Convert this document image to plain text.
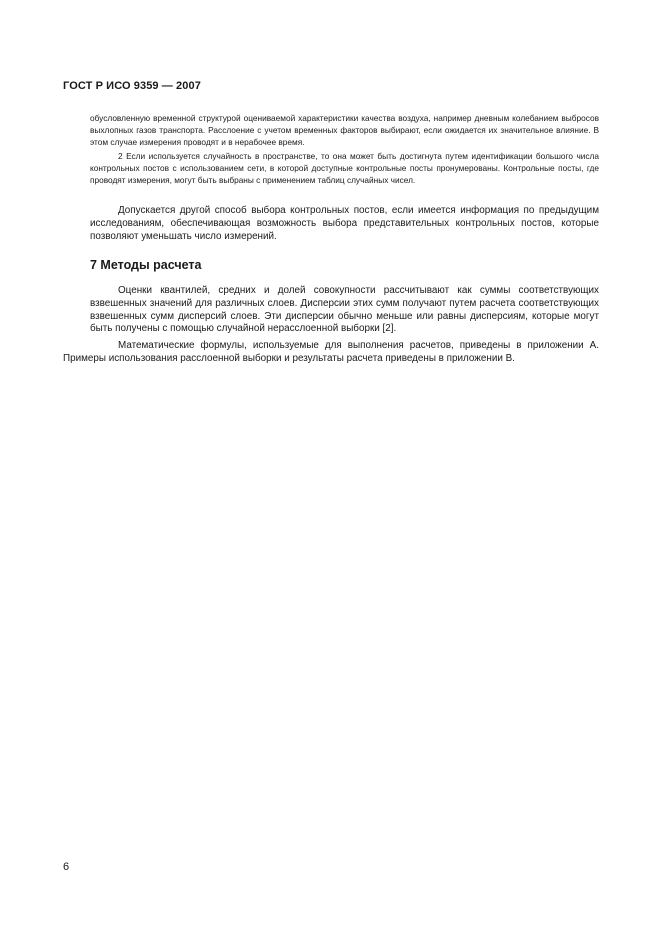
ГОСТ Р ИСО 9359 — 2007

обусловленную временной структурой оцениваемой характеристики качества воздуха, например дневным колебанием выбросов выхлопных газов транспорта. Расслоение с учетом временных факторов выбирают, если ожидается их значительное влияние. В этом случае измерения проводят и в нерабочее время.

2 Если используется случайность в пространстве, то она может быть достигнута путем идентификации большого числа контрольных постов с использованием сети, в которой доступные контрольные посты пронумерованы. Контрольные посты, где проводят измерения, могут быть выбраны с применением таблиц случайных чисел.

Допускается другой способ выбора контрольных постов, если имеется информация по предыдущим исследованиям, обеспечивающая возможность выбора представительных контрольных постов, которые позволяют уменьшать число измерений.

7 Методы расчета

Оценки квантилей, средних и долей совокупности рассчитывают как суммы соответствующих взвешенных значений для различных слоев. Дисперсии этих сумм получают путем расчета соответствующих взвешенных сумм дисперсий слоев. Эти дисперсии обычно меньше или равны дисперсиям, которые могут быть получены с помощью случайной нерасслоенной выборки [2].

Математические формулы, используемые для выполнения расчетов, приведены в приложении А. Примеры использования расслоенной выборки и результаты расчета приведены в приложении В.

6
